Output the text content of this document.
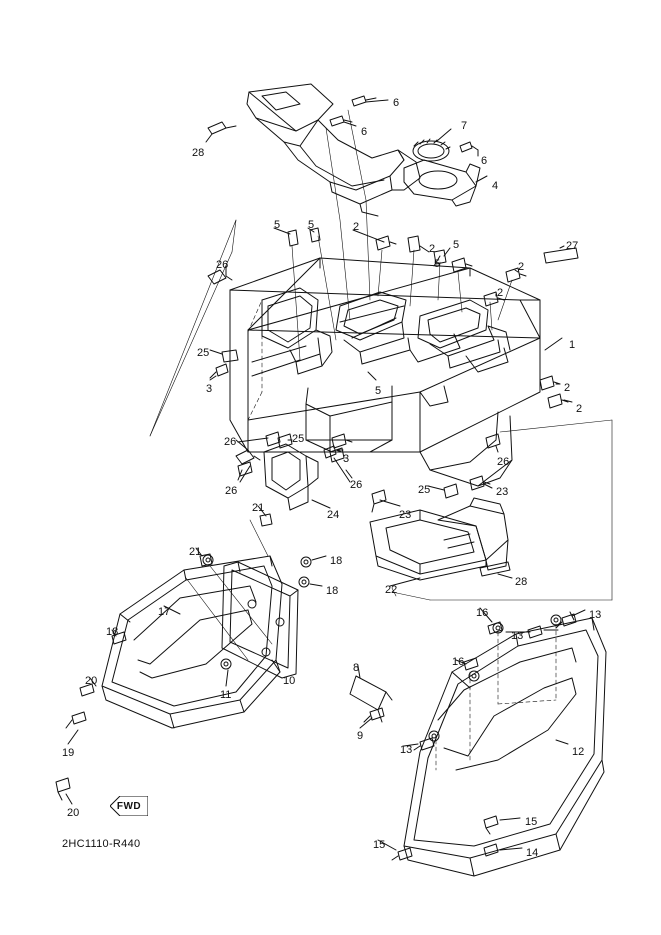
FWD
2HC1110-R440
6
6	7
6
4
28
5	5	2
2 5	27
26	5	2
2
1
25
3	5	2
2
26	25
3	26
26	26	25	23
21
24	23
21
18
18	22
28
17	16	13
18	13
8	16
20
11
10
9
13	12
19
20
15
15
14
